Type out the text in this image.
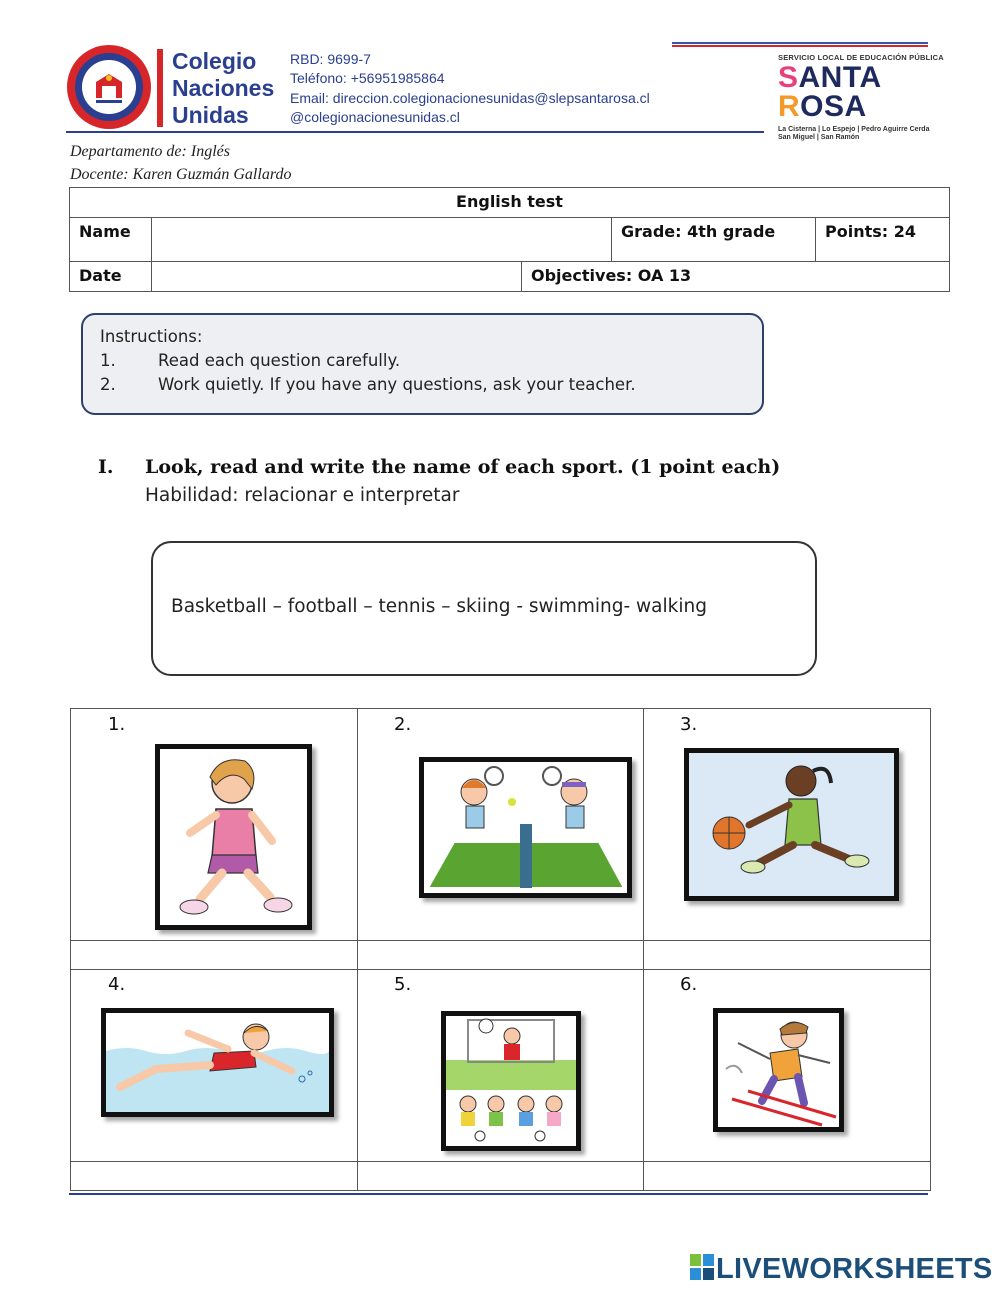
Colegio
Naciones
Unidas
RBD: 9699-7
Teléfono: +56951985864
Email: direccion.colegionacionesunidas@slepsantarosa.cl
@colegionacionesunidas.cl
SERVICIO LOCAL DE EDUCACIÓN PÚBLICA
SANTA
ROSA
La Cisterna | Lo Espejo | Pedro Aguirre Cerda
San Miguel | San Ramón
Departamento de: Inglés
Docente: Karen Guzmán Gallardo
English test				
Name			Grade: 4th grade	Points: 24
Date		Objectives: OA 13		
Instructions:
1.	Read each question carefully.
2.	Work quietly. If you have any questions, ask your teacher.
I. Look, read and write the name of each sport. (1 point each)
Habilidad: relacionar e interpretar
Basketball – football – tennis – skiing - swimming- walking
1.	2.	3.
4.	5.	6.
LIVEWORKSHEETS
